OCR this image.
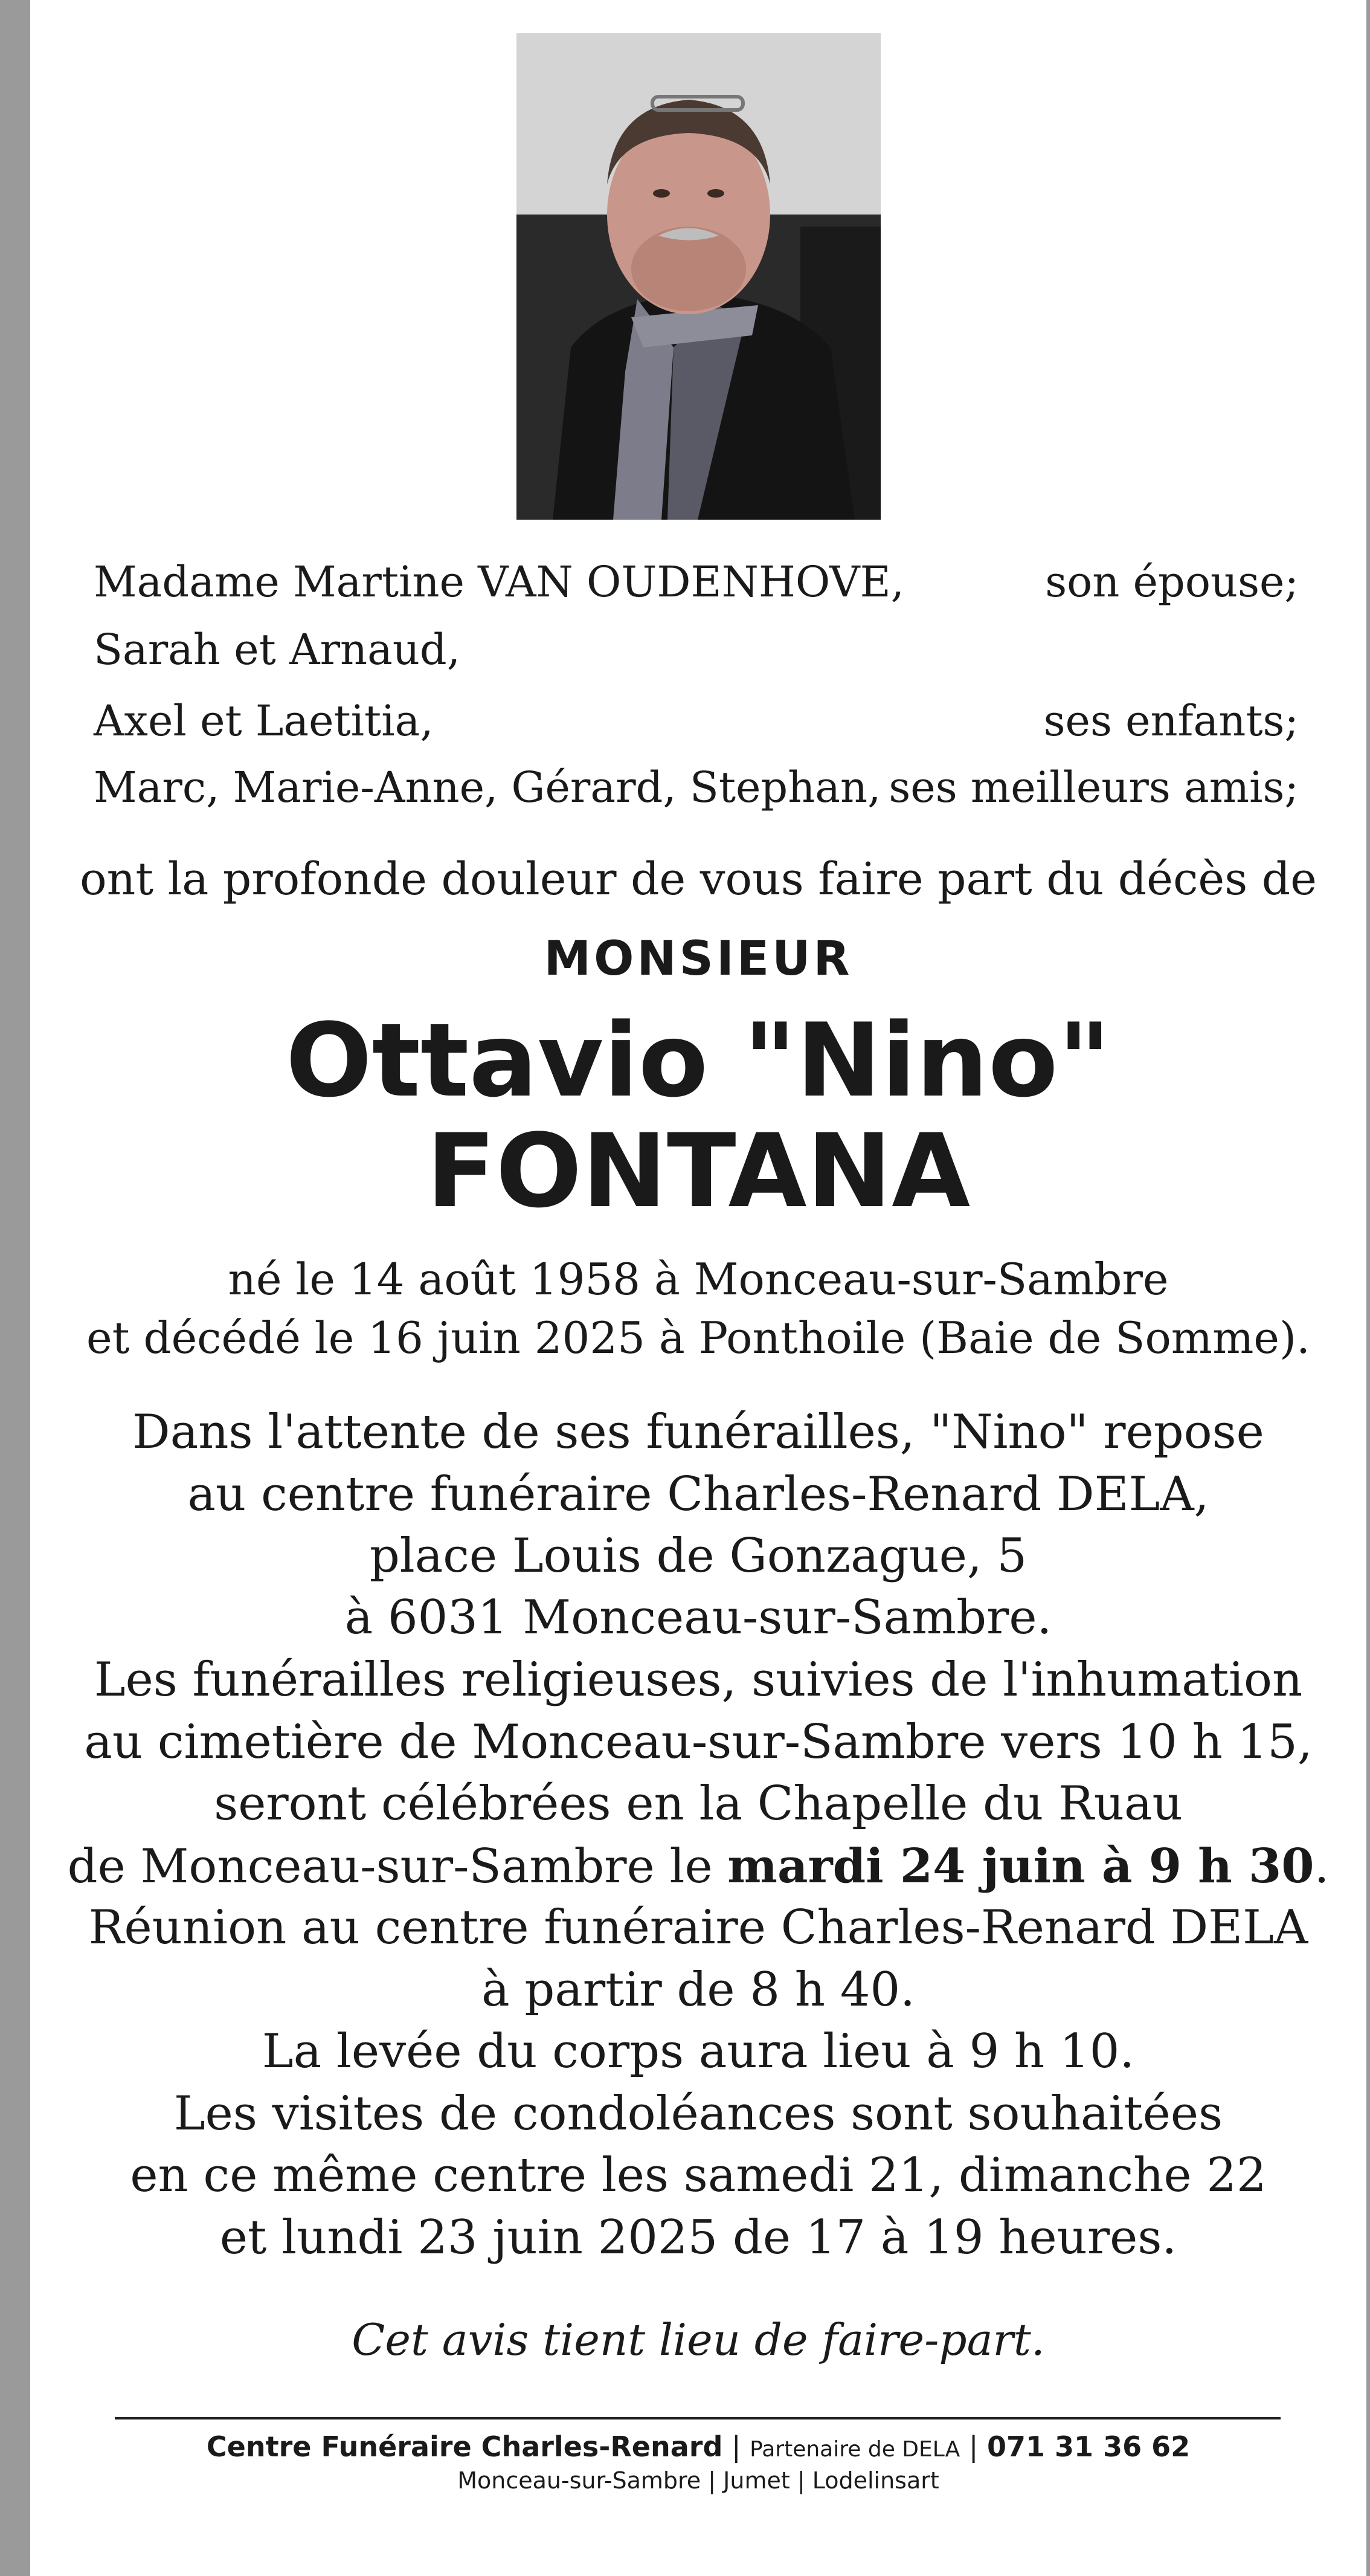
Madame Martine VAN OUDENHOVE,	son épouse;
Sarah et Arnaud,
Axel et Laetitia,	ses enfants;
Marc, Marie-Anne, Gérard, Stephan, ses meilleurs amis;
ont la profonde douleur de vous faire part du décès de
MONSIEUR
Ottavio "Nino"
FONTANA
né le 14 août 1958 à Monceau-sur-Sambre
et décédé le 16 juin 2025 à Ponthoile (Baie de Somme).
Dans l'attente de ses funérailles, "Nino" repose
au centre funéraire Charles-Renard DELA,
place Louis de Gonzague, 5
à 6031 Monceau-sur-Sambre.
Les funérailles religieuses, suivies de l'inhumation
au cimetière de Monceau-sur-Sambre vers 10 h 15,
seront célébrées en la Chapelle du Ruau
de Monceau-sur-Sambre le mardi 24 juin à 9 h 30.
Réunion au centre funéraire Charles-Renard DELA
à partir de 8 h 40.
La levée du corps aura lieu à 9 h 10.
Les visites de condoléances sont souhaitées
en ce même centre les samedi 21, dimanche 22
et lundi 23 juin 2025 de 17 à 19 heures.
Cet avis tient lieu de faire-part.
Centre Funéraire Charles-Renard | Partenaire de DELA | 071 31 36 62
Monceau-sur-Sambre | Jumet | Lodelinsart
